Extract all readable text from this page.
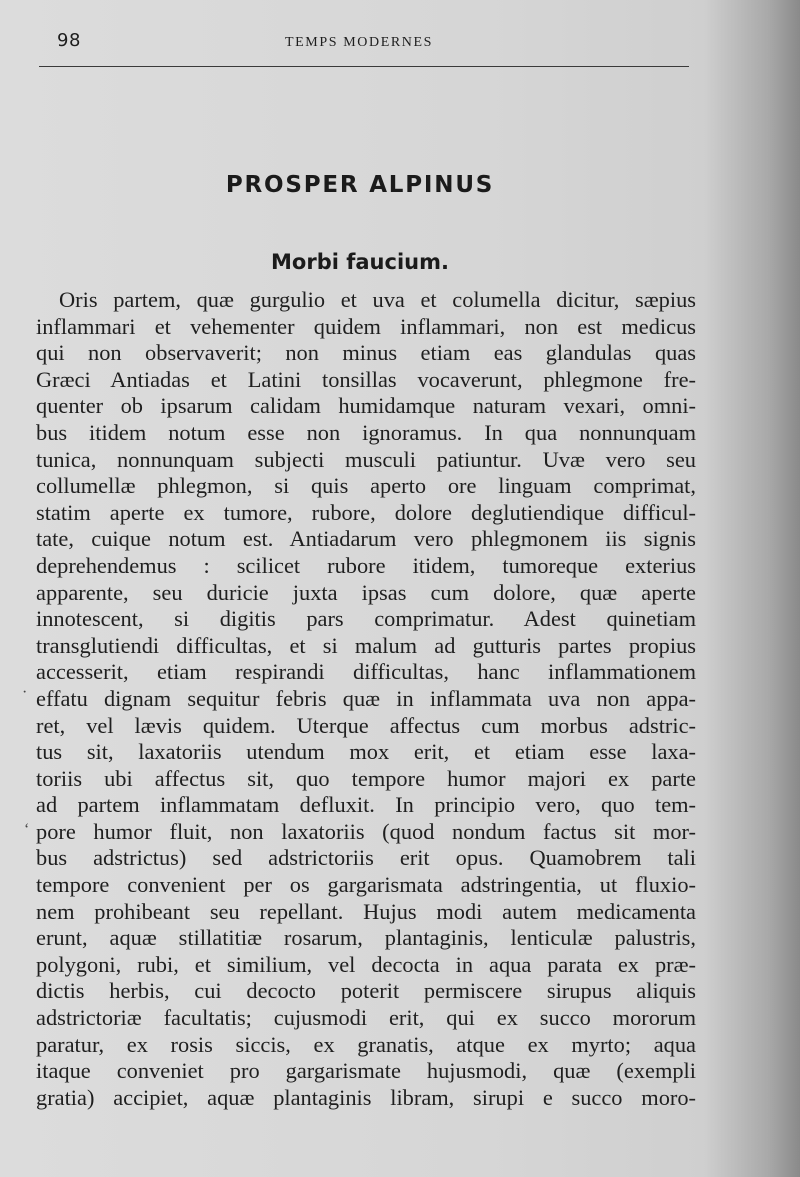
98	TEMPS MODERNES
PROSPER ALPINUS
Morbi faucium.
Oris partem, quæ gurgulio et uva et columella dicitur, sæpius
inflammari et vehementer quidem inflammari, non est medicus
qui non observaverit; non minus etiam eas glandulas quas
Græci Antiadas et Latini tonsillas vocaverunt, phlegmone fre-
quenter ob ipsarum calidam humidamque naturam vexari, omni-
bus itidem notum esse non ignoramus. In qua nonnunquam
tunica, nonnunquam subjecti musculi patiuntur. Uvæ vero seu
collumellæ phlegmon, si quis aperto ore linguam comprimat,
statim aperte ex tumore, rubore, dolore deglutiendique difficul-
tate, cuique notum est. Antiadarum vero phlegmonem iis signis
deprehendemus : scilicet rubore itidem, tumoreque exterius
apparente, seu duricie juxta ipsas cum dolore, quæ aperte
innotescent, si digitis pars comprimatur. Adest quinetiam
transglutiendi difficultas, et si malum ad gutturis partes propius
accesserit, etiam respirandi difficultas, hanc inflammationem
effatu dignam sequitur febris quæ in inflammata uva non appa-
ret, vel lævis quidem. Uterque affectus cum morbus adstric-
tus sit, laxatoriis utendum mox erit, et etiam esse laxa-
toriis ubi affectus sit, quo tempore humor majori ex parte
ad partem inflammatam defluxit. In principio vero, quo tem-
pore humor fluit, non laxatoriis (quod nondum factus sit mor-
bus adstrictus) sed adstrictoriis erit opus. Quamobrem tali
tempore convenient per os gargarismata adstringentia, ut fluxio-
nem prohibeant seu repellant. Hujus modi autem medicamenta
erunt, aquæ stillatitiæ rosarum, plantaginis, lenticulæ palustris,
polygoni, rubi, et similium, vel decocta in aqua parata ex præ-
dictis herbis, cui decocto poterit permiscere sirupus aliquis
adstrictoriæ facultatis; cujusmodi erit, qui ex succo mororum
paratur, ex rosis siccis, ex granatis, atque ex myrto; aqua
itaque conveniet pro gargarismate hujusmodi, quæ (exempli
gratia) accipiet, aquæ plantaginis libram, sirupi e succo moro-
ʻ
·
